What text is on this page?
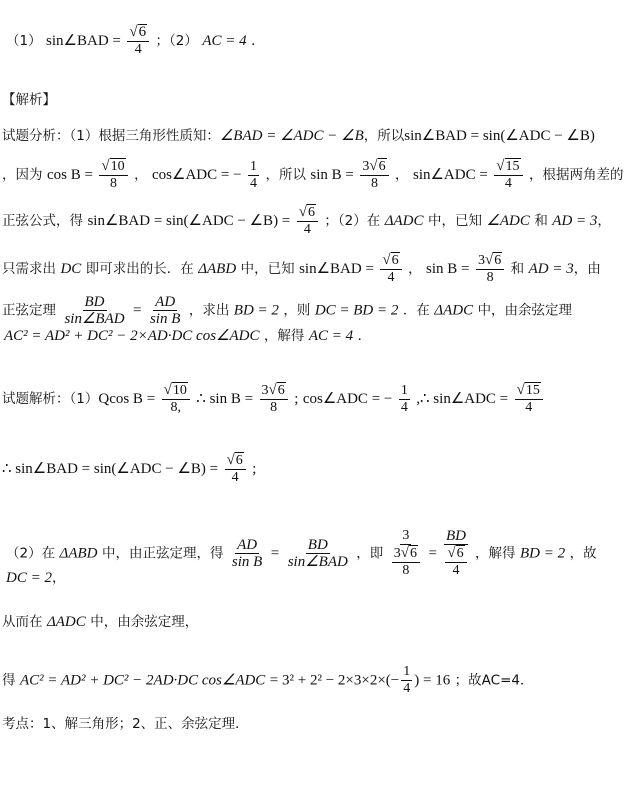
（1） sin∠BAD = $\frac{√ 6}{4}$ ；（2） AC = 4 ．
【解析】
试题分析：（1）根据三角形性质知：∠BAD = ∠ADC − ∠B，所以sin∠BAD = sin(∠ADC − ∠B)
，因为 $\cos B = \frac{√ 10}{8}$ ， cos∠ADC = − $\frac{1}{4}$ ，所以 $\sin B = \frac{3 √ 6}{8}$ ， sin∠ADC = $\frac{√ 15}{4}$ ，根据两角差的
正弦公式，得 sin∠BAD = sin(∠ADC − ∠B) = $\frac{√ 6}{4}$ ；（2）在 ΔADC 中，已知 ∠ADC 和 AD = 3，
只需求出 DC 即可求出的长．在 ΔABD 中，已知 sin∠BAD = $\frac{√ 6}{4}$ ， $\sin B = \frac{3 √ 6}{8}$ 和 AD = 3，由
正弦定理
BD
sin∠BAD
= $\frac{AD}{\text{sin B}}$ ，求出 BD = 2 ，则 DC = BD = 2 ．在 ΔADC 中，由余弦定理
AC² = AD² + DC² − 2×AD·DC cos∠ADC ，解得 AC = 4 ．
试题解析：（1）Qcos $B = \frac{√ 10}{8,}$ ∴ $\sin B = \frac{3 √ 6}{8}$ ; cos∠ADC = − $\frac{1}{4}$ ,∴ sin∠ADC = $\frac{√ 15}{4}$
∴ sin∠BAD = sin(∠ADC − ∠B) = $\frac{√ 6}{4}$ ;
（2）在 ΔABD 中，由正弦定理，得 $\frac{AD}{\text{sin B}}$ =
BD
sin∠BAD
，即 $\frac{3}{\frac{3 √ 6}{8}} = \frac{BD}{\frac{√ 6}{4}}$ ，解得 BD = 2 ，故
DC = 2，
从而在 ΔADC 中，由余弦定理，
得 AC² = AD² + DC² − 2AD·DC cos∠ADC = $3^2 + 2^2 - 2\times 3\times 2\times(- \frac{1}{4}$ ) = 16 ；故AC=4．
考点：1、解三角形；2、正、余弦定理．
